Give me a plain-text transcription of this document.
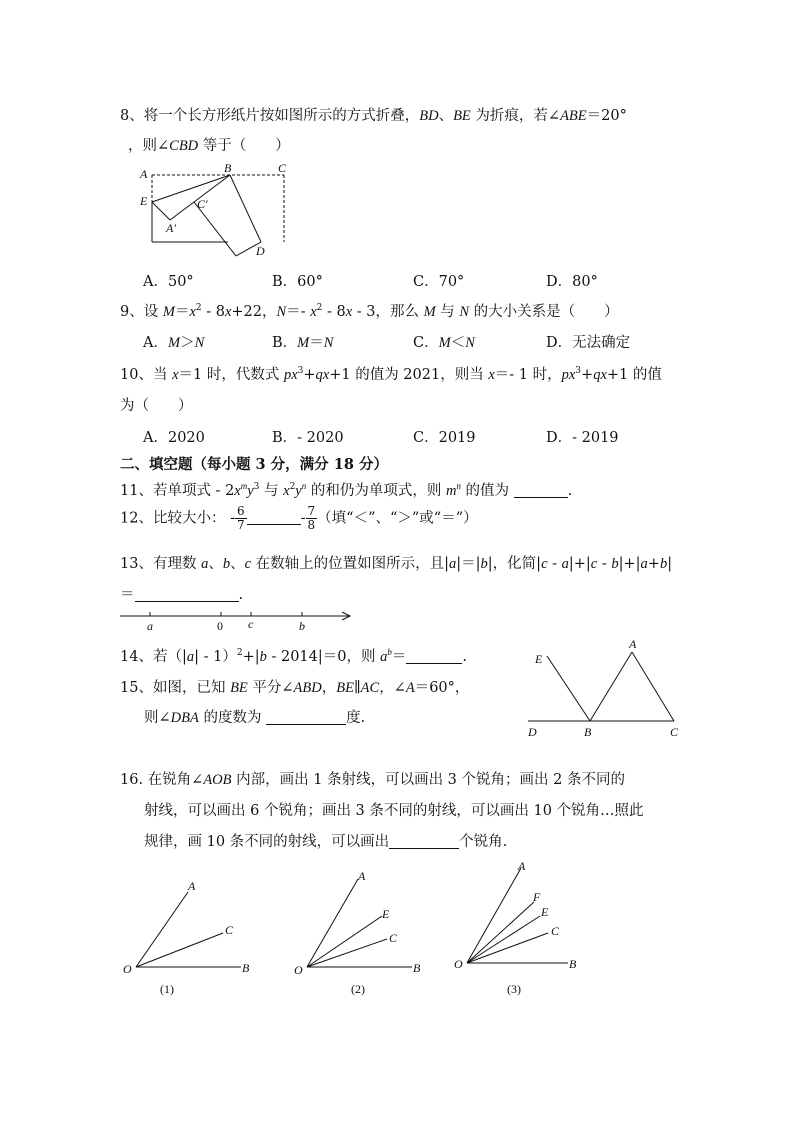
8、将一个长方形纸片按如图所示的方式折叠，BD、BE 为折痕，若∠ABE＝20°
，则∠CBD 等于（　　）
A	B	C
E	C′
A′
D
A．50°	B．60°	C．70°	D．80°
9、设 $M=x^2 - 8x+22$，N＝- $x^2 - 8x - 3$，那么 M 与 N 的大小关系是（　　）
A．M＞N	B．M＝N	C．M＜N	D．无法确定
10、当 x＝1 时，代数式 $px^3+qx+1$ 的值为 2021，则当 x＝- 1 时，$px^3+qx+1$ 的值
为（　　）
A．2020	B．- 2020	C．2019	D．- 2019
二、填空题（每小题 3 分，满分 18 分）
11、若单项式 - $2x^my^3$ 与 $x^2y^n$ 的和仍为单项式，则 $m^n$ 的值为	.
12、比较大小： - $\frac{6}{7}$	- $\frac{7}{8}$ （填“＜”、“＞”或“＝”）
13、有理数 a、b、c 在数轴上的位置如图所示，且|a|＝|b|，化简|c - a|+|c - b|+|a+b|
＝	.
a	0 c	b
14、若（|a| - 1）$^2$+|b - 2014|＝0，则 $a^b=$	.
15、如图，已知 BE 平分∠ABD，BE∥AC，∠A＝60°，
则∠DBA 的度数为	度.
E
A
D	B	C
16. 在锐角∠AOB 内部，画出 1 条射线，可以画出 3 个锐角；画出 2 条不同的
射线，可以画出 6 个锐角；画出 3 条不同的射线，可以画出 10 个锐角…照此
规律，画 10 条不同的射线，可以画出	个锐角.
A
C
O	B
(1)
A
E
C
O	B
(2)
A
F
E
C
O	B
(3)
